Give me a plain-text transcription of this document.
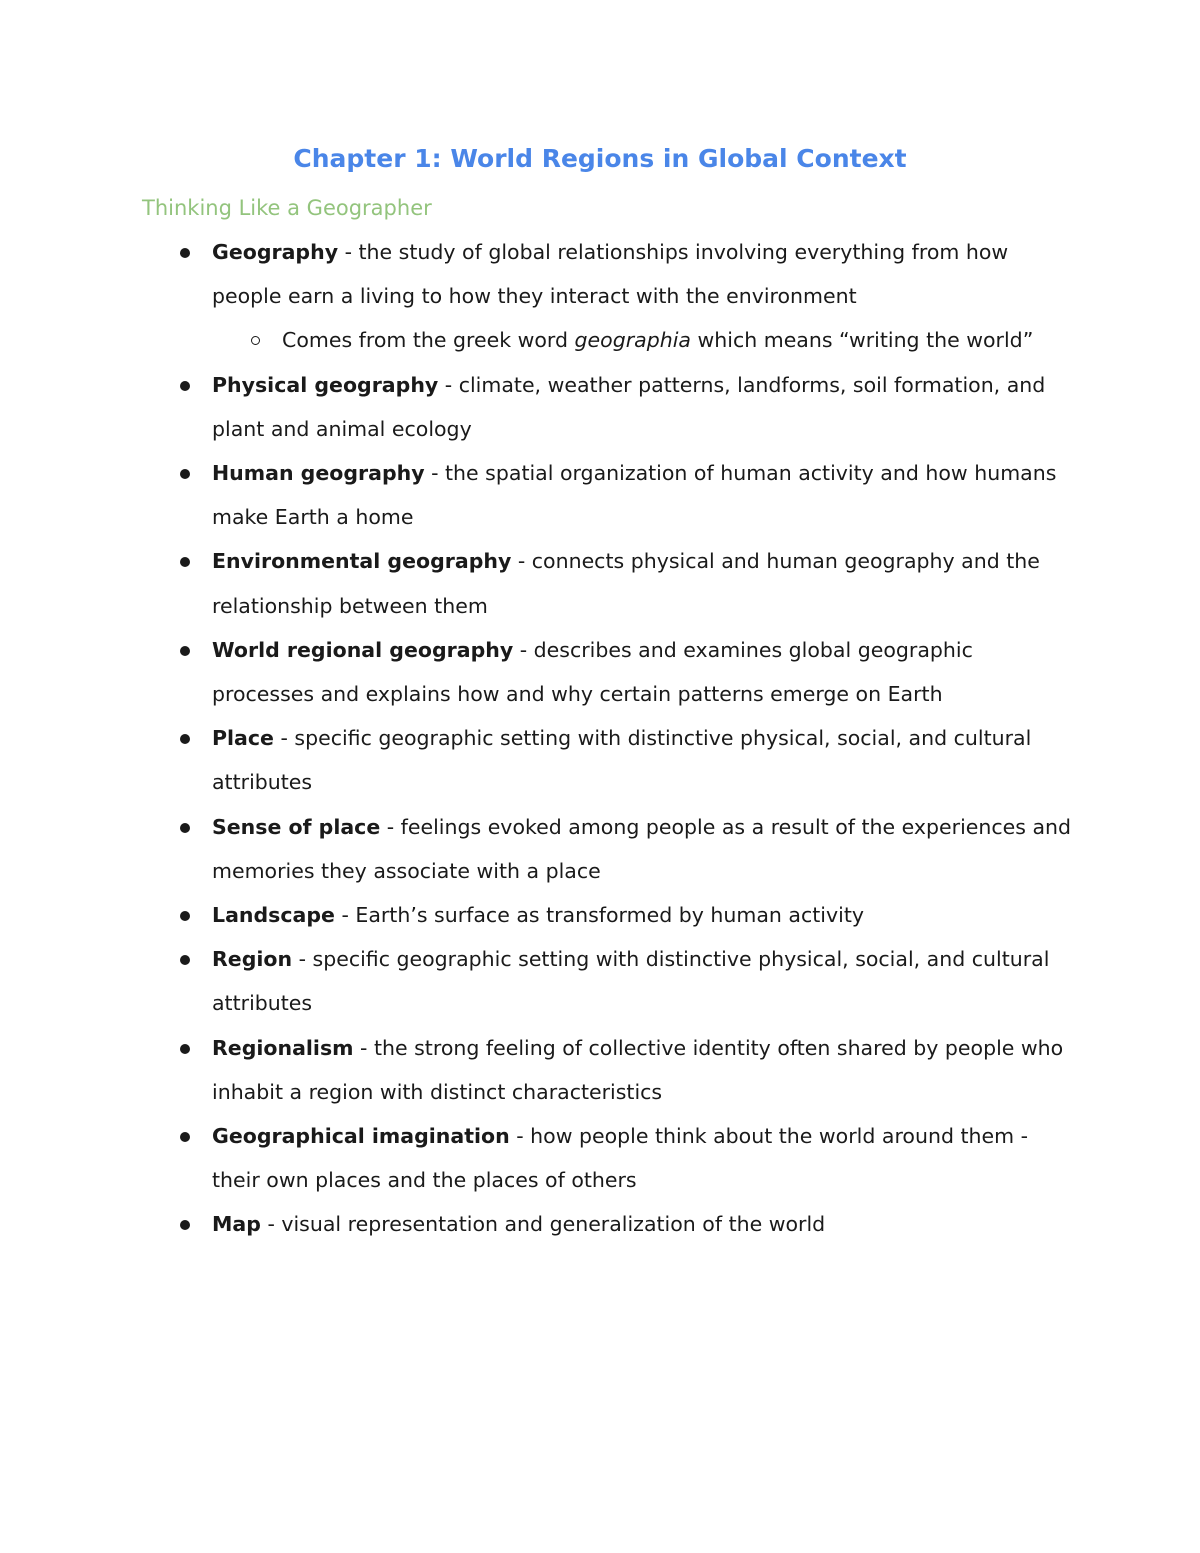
Chapter 1: World Regions in Global Context
Thinking Like a Geographer
Geography - the study of global relationships involving everything from how people earn a living to how they interact with the environment
Comes from the greek word geographia which means “writing the world”
Physical geography - climate, weather patterns, landforms, soil formation, and plant and animal ecology
Human geography - the spatial organization of human activity and how humans make Earth a home
Environmental geography - connects physical and human geography and the relationship between them
World regional geography - describes and examines global geographic processes and explains how and why certain patterns emerge on Earth
Place - specific geographic setting with distinctive physical, social, and cultural attributes
Sense of place - feelings evoked among people as a result of the experiences and memories they associate with a place
Landscape - Earth’s surface as transformed by human activity
Region - specific geographic setting with distinctive physical, social, and cultural attributes
Regionalism - the strong feeling of collective identity often shared by people who inhabit a region with distinct characteristics
Geographical imagination - how people think about the world around them - their own places and the places of others
Map - visual representation and generalization of the world
